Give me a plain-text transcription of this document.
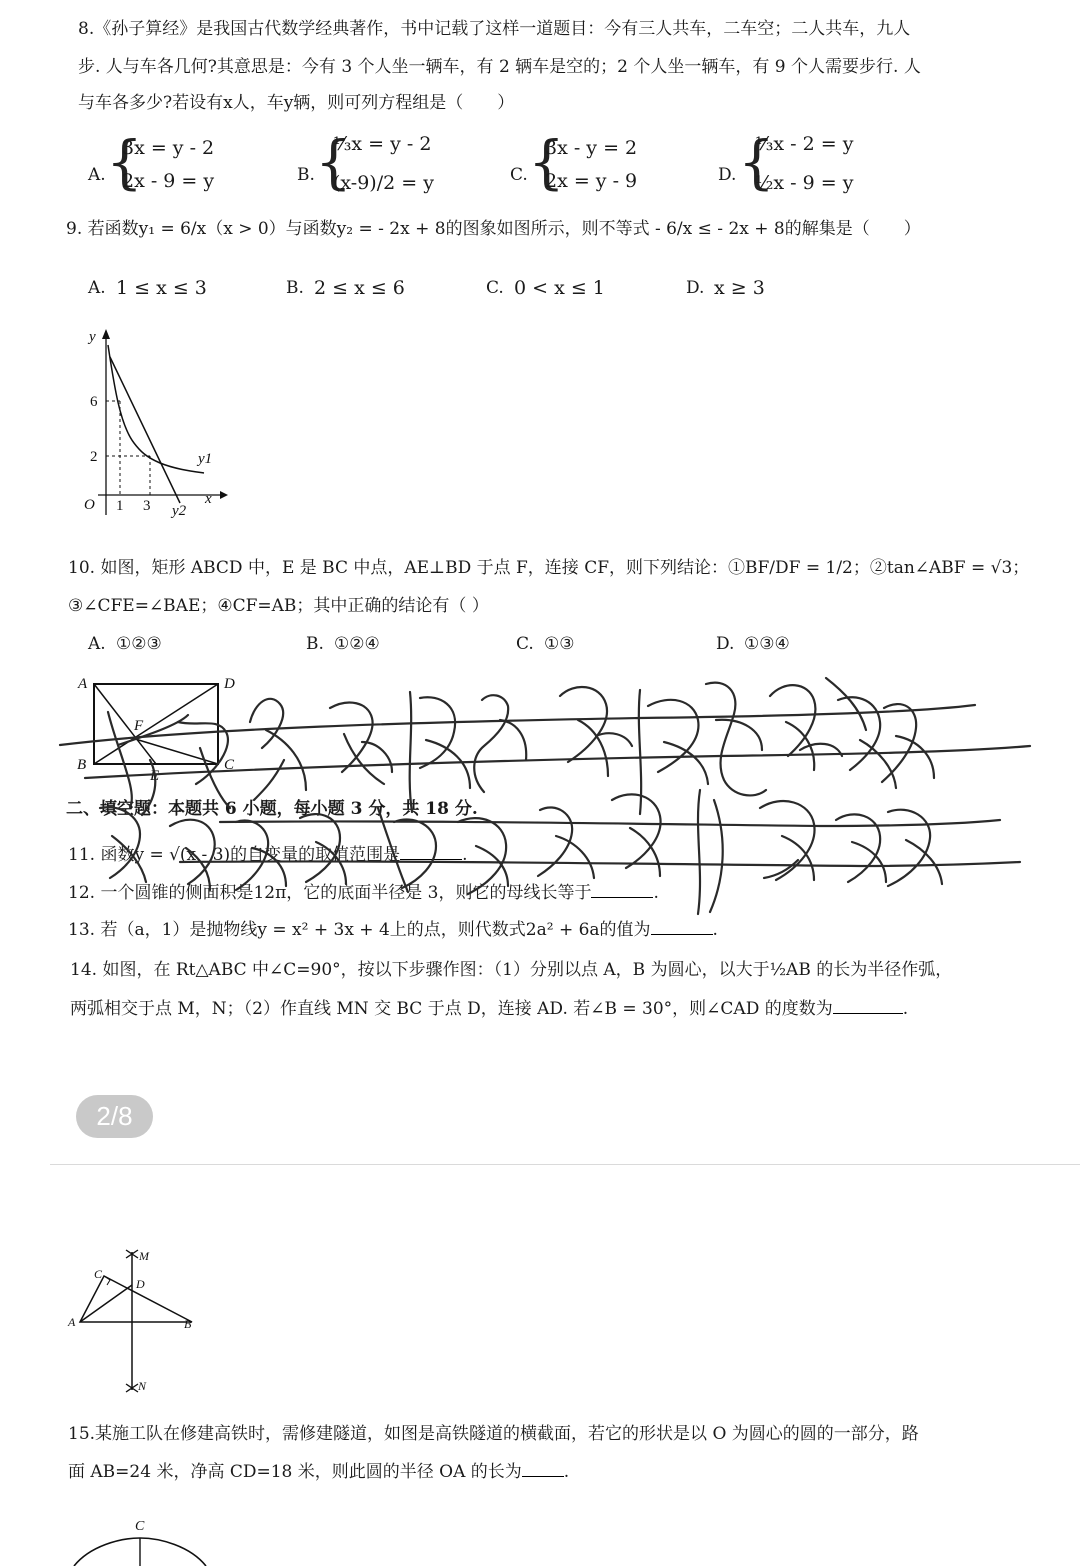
8.《孙子算经》是我国古代数学经典著作，书中记载了这样一道题目：今有三人共车，二车空；二人共车，九人
步. 人与车各几何?其意思是：今有 3 个人坐一辆车，有 2 辆车是空的；2 个人坐一辆车，有 9 个人需要步行. 人
与车各多少?若设有x人，车y辆，则可列方程组是（　　）
A. {
3x = y - 2
2x - 9 = y	B. {
⅓x = y - 2
(x-9)/2 = y	C. {
3x - y = 2
2x = y - 9	D. {
⅓x - 2 = y
½x - 9 = y
9. 若函数y₁ = 6/x（x > 0）与函数y₂ = - 2x + 8的图象如图所示，则不等式 - 6/x ≤ - 2x + 8的解集是（　　）
A. 1 ≤ x ≤ 3	B. 2 ≤ x ≤ 6	C. 0 < x ≤ 1	D. x ≥ 3
y
x
O
6
2
1 3
y1
y2
10. 如图，矩形 ABCD 中，E 是 BC 中点，AE⊥BD 于点 F，连接 CF，则下列结论：①BF/DF = 1/2；②tan∠ABF = √3；
③∠CFE=∠BAE；④CF=AB；其中正确的结论有（ ）
A. ①②③	B. ①②④	C. ①③	D. ①③④
A	D
F
B
E
C
二、填空题：本题共 6 小题，每小题 3 分，共 18 分.
11. 函数y = √(x - 3)的自变量的取值范围是	.
12. 一个圆锥的侧面积是12π，它的底面半径是 3，则它的母线长等于	.
13. 若（a，1）是抛物线y = x² + 3x + 4上的点，则代数式2a² + 6a的值为	.
14. 如图，在 Rt△ABC 中∠C=90°，按以下步骤作图：（1）分别以点 A，B 为圆心，以大于½AB 的长为半径作弧，
两弧相交于点 M，N；（2）作直线 MN 交 BC 于点 D，连接 AD. 若∠B = 30°，则∠CAD 的度数为	.
2/8
M
C
D
A	B
N
15.某施工队在修建高铁时，需修建隧道，如图是高铁隧道的横截面，若它的形状是以 O 为圆心的圆的一部分，路
面 AB=24 米，净高 CD=18 米，则此圆的半径 OA 的长为 .
C
